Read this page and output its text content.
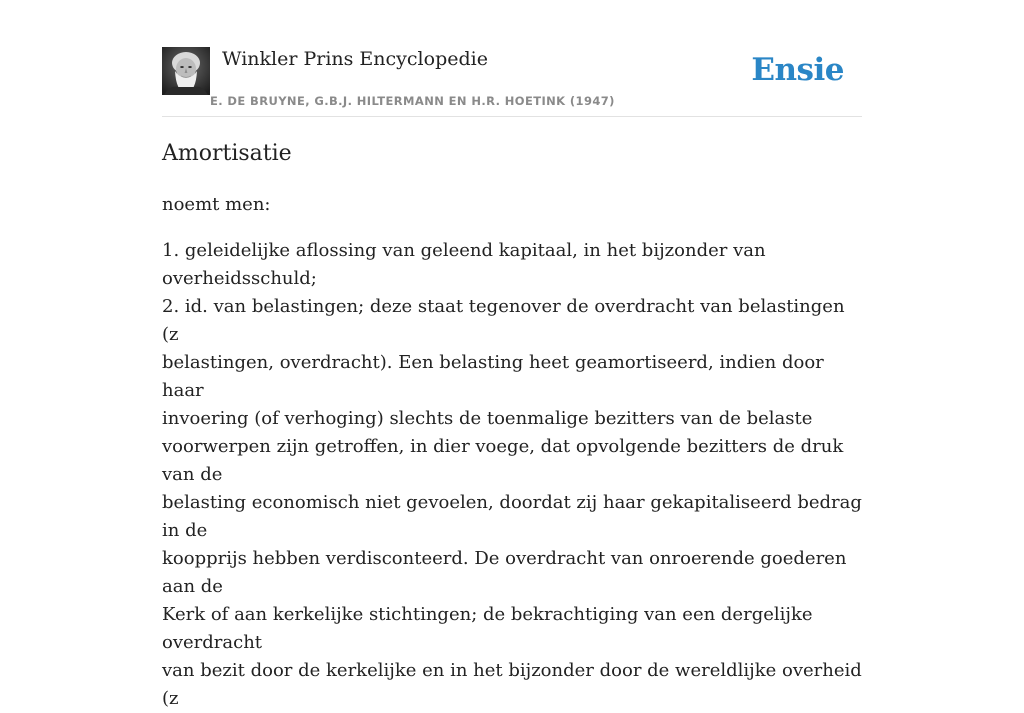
Winkler Prins Encyclopedie
E. DE BRUYNE, G.B.J. HILTERMANN EN H.R. HOETINK (1947)
Ensie
Amortisatie

noemt men:

1. geleidelijke aflossing van geleend kapitaal, in het bijzonder van
overheidsschuld;
2. id. van belastingen; deze staat tegenover de overdracht van belastingen (z
belastingen, overdracht). Een belasting heet geamortiseerd, indien door haar
invoering (of verhoging) slechts de toenmalige bezitters van de belaste
voorwerpen zijn getroffen, in dier voege, dat opvolgende bezitters de druk van de
belasting economisch niet gevoelen, doordat zij haar gekapitaliseerd bedrag in de
koopprijs hebben verdisconteerd. De overdracht van onroerende goederen aan de
Kerk of aan kerkelijke stichtingen; de bekrachtiging van een dergelijke overdracht
van bezit door de kerkelijke en in het bijzonder door de wereldlijke overheid (z
